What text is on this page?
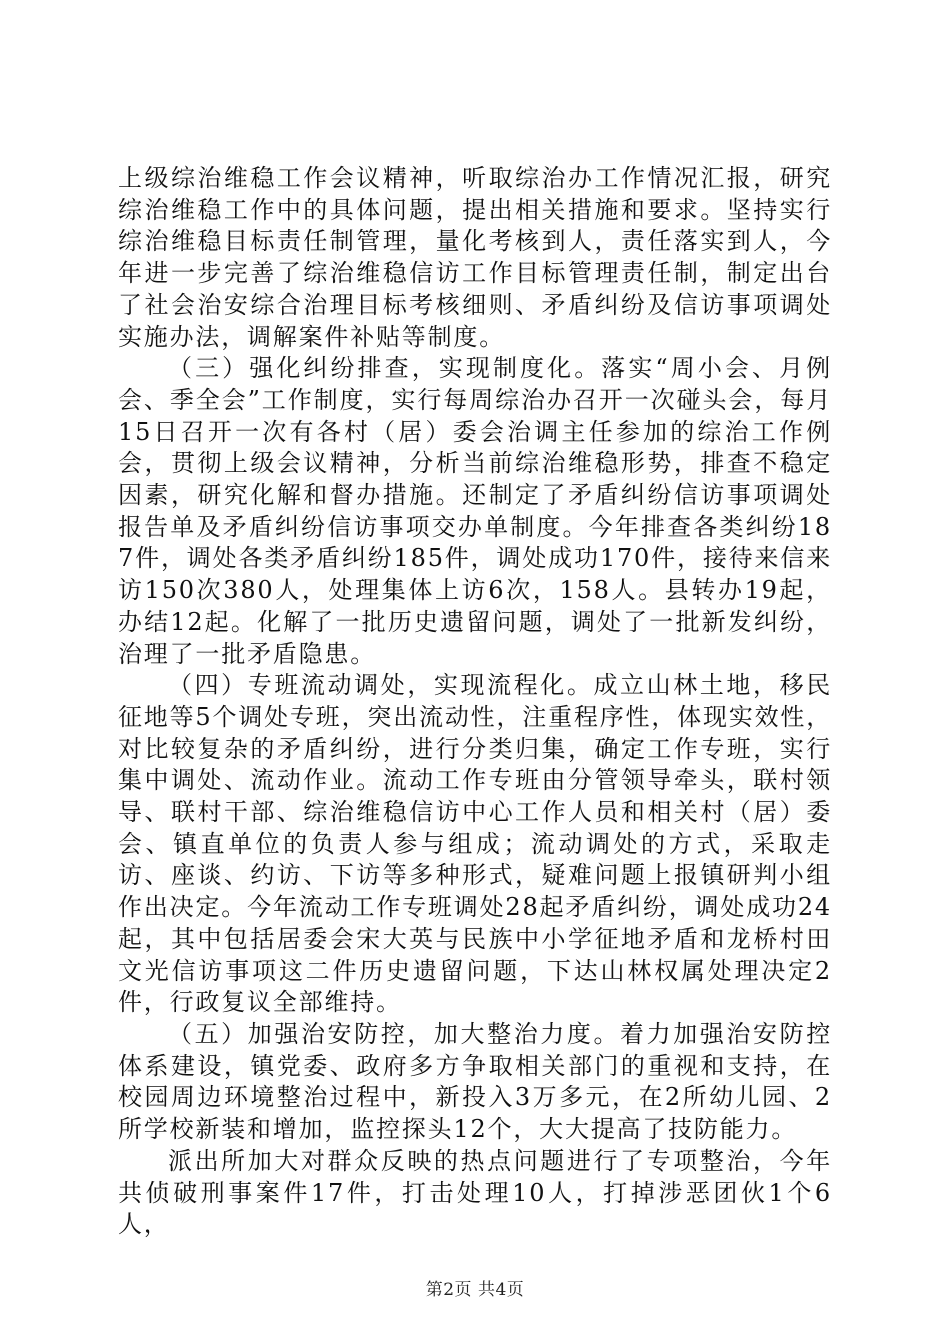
上级综治维稳工作会议精神，听取综治办工作情况汇报，研究综治维稳工作中的具体问题，提出相关措施和要求。坚持实行综治维稳目标责任制管理，量化考核到人，责任落实到人，今年进一步完善了综治维稳信访工作目标管理责任制，制定出台了社会治安综合治理目标考核细则、矛盾纠纷及信访事项调处实施办法，调解案件补贴等制度。

（三）强化纠纷排查，实现制度化。落实“周小会、月例会、季全会”工作制度，实行每周综治办召开一次碰头会，每月15日召开一次有各村（居）委会治调主任参加的综治工作例会，贯彻上级会议精神，分析当前综治维稳形势，排查不稳定因素，研究化解和督办措施。还制定了矛盾纠纷信访事项调处报告单及矛盾纠纷信访事项交办单制度。今年排查各类纠纷187件，调处各类矛盾纠纷185件，调处成功170件，接待来信来访150次380人，处理集体上访6次，158人。县转办19起，办结12起。化解了一批历史遗留问题，调处了一批新发纠纷，治理了一批矛盾隐患。

（四）专班流动调处，实现流程化。成立山林土地，移民征地等5个调处专班，突出流动性，注重程序性，体现实效性，对比较复杂的矛盾纠纷，进行分类归集，确定工作专班，实行集中调处、流动作业。流动工作专班由分管领导牵头，联村领导、联村干部、综治维稳信访中心工作人员和相关村（居）委会、镇直单位的负责人参与组成；流动调处的方式，采取走访、座谈、约访、下访等多种形式，疑难问题上报镇研判小组作出决定。今年流动工作专班调处28起矛盾纠纷，调处成功24起，其中包括居委会宋大英与民族中小学征地矛盾和龙桥村田文光信访事项这二件历史遗留问题，下达山林权属处理决定2件，行政复议全部维持。

（五）加强治安防控，加大整治力度。着力加强治安防控体系建设，镇党委、政府多方争取相关部门的重视和支持，在校园周边环境整治过程中，新投入3万多元，在2所幼儿园、2所学校新装和增加，监控探头12个，大大提高了技防能力。

派出所加大对群众反映的热点问题进行了专项整治，今年共侦破刑事案件17件，打击处理10人，打掉涉恶团伙1个6人，

第2页 共4页
